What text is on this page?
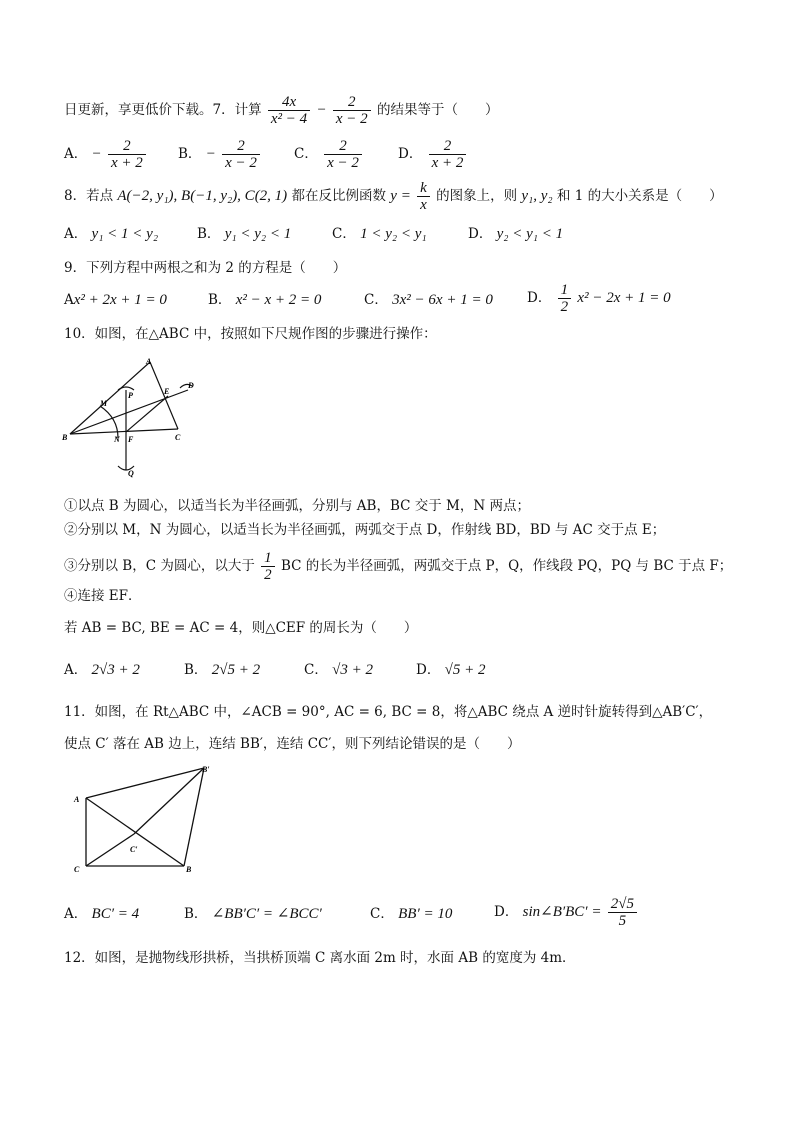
日更新，享更低价下载。7．计算 $\frac{4x}{\text{x² − 4}} - \frac{2}{x - 2}$ 的结果等于（　　）
A． − $\frac{2}{x + 2}$ B． − $\frac{2}{x - 2}$	C． $\frac{2}{x - 2}$	D． $\frac{2}{x + 2}$
8．若点 A(−2, y₁), B(−1, y₂), C(2, 1) 都在反比例函数 $y = \frac{k}{x}$ 的图象上，则 y₁, y₂ 和 1 的大小关系是（　　）
A． y₁ < 1 < y₂	B． y₁ < y₂ < 1	C． 1 < y₂ < y₁	D． y₂ < y₁ < 1
9．下列方程中两根之和为 2 的方程是（　　）
Ax² + 2x + 1 = 0	B． x² − x + 2 = 0	C． 3x² − 6x + 1 = 0	D． $\frac{1}{2} x^2 - 2x + 1 = 0$
10．如图，在△ABC 中，按照如下尺规作图的步骤进行操作：
A
B	C
D
E
F
M
N
P
Q
①以点 B 为圆心，以适当长为半径画弧，分别与 AB，BC 交于 M，N 两点；
②分别以 M，N 为圆心，以适当长为半径画弧，两弧交于点 D，作射线 BD，BD 与 AC 交于点 E；
③分别以 B，C 为圆心，以大于 $\frac{1}{2}$ BC 的长为半径画弧，两弧交于点 P，Q，作线段 PQ，PQ 与 BC 于点 F；
④连接 EF．
若 AB = BC, BE = AC = 4，则△CEF 的周长为（　　）
A． 2√3 + 2	B． 2√5 + 2	C． √3 + 2	D． √5 + 2
11．如图，在 Rt△ABC 中，∠ACB = 90°, AC = 6, BC = 8，将△ABC 绕点 A 逆时针旋转得到△AB′C′，
使点 C′ 落在 AB 边上，连结 BB′，连结 CC′，则下列结论错误的是（　　）
A
C	B
B′
C′
A． BC′ = 4	B． ∠BB′C′ = ∠BCC′	C． BB′ = 10	D． sin∠B′BC′ = $\frac{2√5}{5}$
12．如图，是抛物线形拱桥，当拱桥顶端 C 离水面 2m 时，水面 AB 的宽度为 4m．
